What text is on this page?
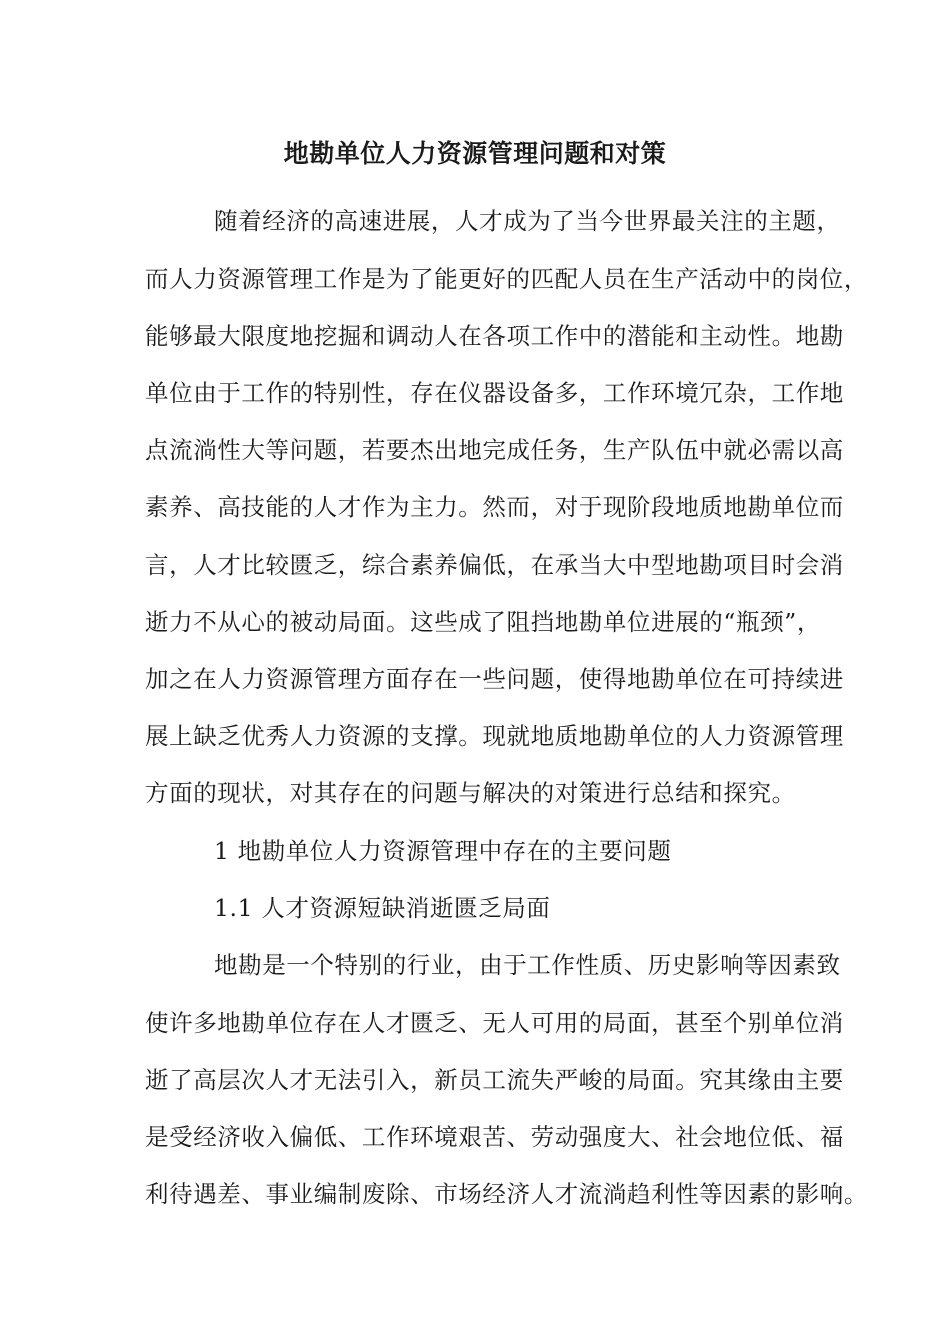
地勘单位人力资源管理问题和对策
随着经济的高速进展，人才成为了当今世界最关注的主题，
而人力资源管理工作是为了能更好的匹配人员在生产活动中的岗位，
能够最大限度地挖掘和调动人在各项工作中的潜能和主动性。地勘
单位由于工作的特别性，存在仪器设备多，工作环境冗杂，工作地
点流淌性大等问题，若要杰出地完成任务，生产队伍中就必需以高
素养、高技能的人才作为主力。然而，对于现阶段地质地勘单位而
言，人才比较匮乏，综合素养偏低，在承当大中型地勘项目时会消
逝力不从心的被动局面。这些成了阻挡地勘单位进展的“瓶颈”，
加之在人力资源管理方面存在一些问题，使得地勘单位在可持续进
展上缺乏优秀人力资源的支撑。现就地质地勘单位的人力资源管理
方面的现状，对其存在的问题与解决的对策进行总结和探究。
1 地勘单位人力资源管理中存在的主要问题
1.1 人才资源短缺消逝匮乏局面
地勘是一个特别的行业，由于工作性质、历史影响等因素致
使许多地勘单位存在人才匮乏、无人可用的局面，甚至个别单位消
逝了高层次人才无法引入，新员工流失严峻的局面。究其缘由主要
是受经济收入偏低、工作环境艰苦、劳动强度大、社会地位低、福
利待遇差、事业编制废除、市场经济人才流淌趋利性等因素的影响。
